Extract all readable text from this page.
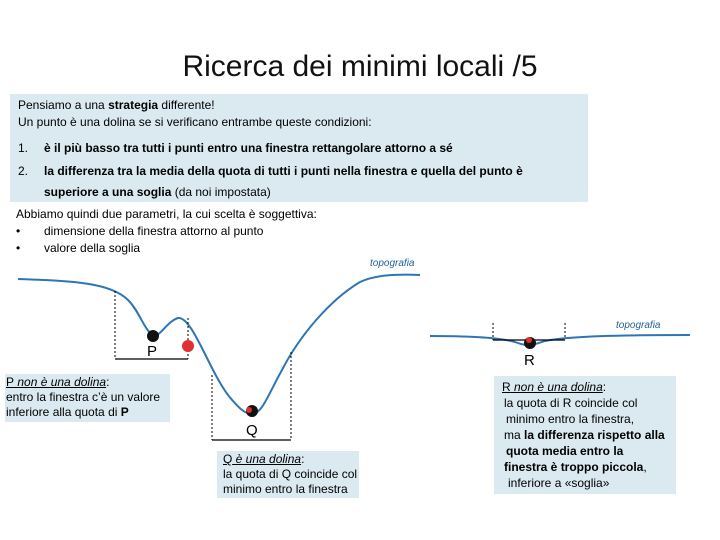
Ricerca dei minimi locali /5
Pensiamo a una strategia differente!
Un punto è una dolina se si verificano entrambe queste condizioni:
1. è il più basso tra tutti i punti entro una finestra rettangolare attorno a sé
2. la differenza tra la media della quota di tutti i punti nella finestra e quella del punto è
superiore a una soglia (da noi impostata)
Abbiamo quindi due parametri, la cui scelta è soggettiva:
• dimensione della finestra attorno al punto
• valore della soglia
topografia
topografia
P
Q
R
P non è una dolina:
entro la finestra c’è un valore
inferiore alla quota di P
Q è una dolina:
la quota di Q coincide col
minimo entro la finestra
R non è una dolina:
la quota di R coincide col
minimo entro la finestra,
ma la differenza rispetto alla
quota media entro la
finestra è troppo piccola,
inferiore a «soglia»
